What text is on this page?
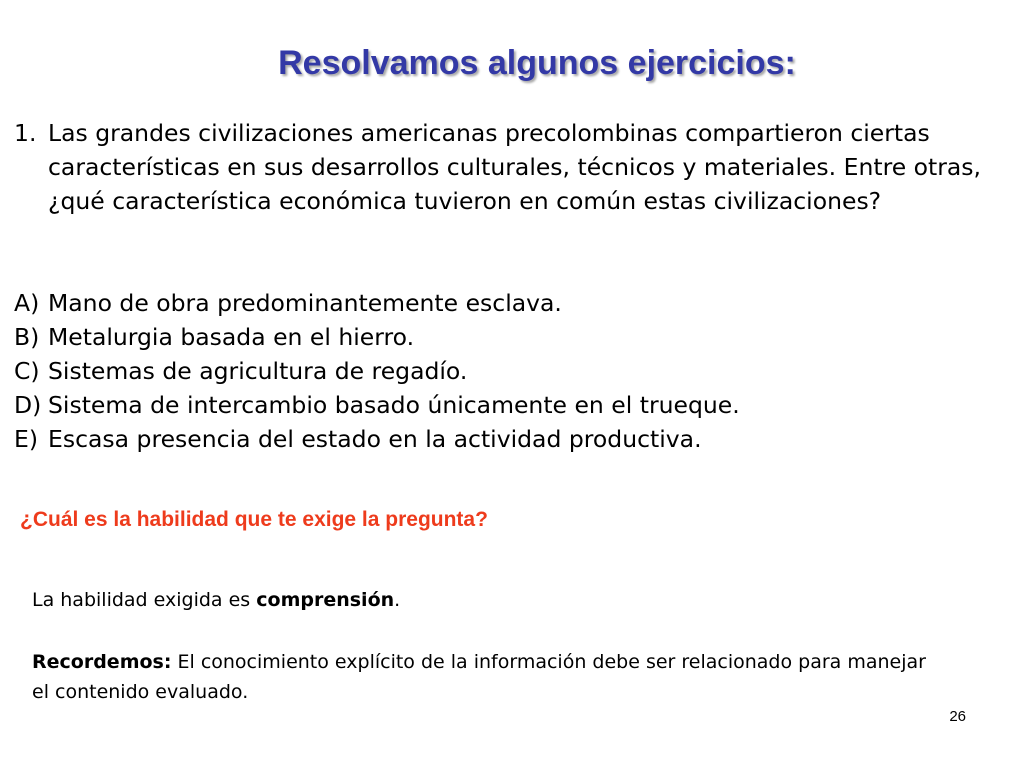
Resolvamos algunos ejercicios:
1. Las grandes civilizaciones americanas precolombinas compartieron ciertas características en sus desarrollos culturales, técnicos y materiales. Entre otras, ¿qué característica económica tuvieron en común estas civilizaciones?
A) Mano de obra predominantemente esclava.
B) Metalurgia basada en el hierro.
C) Sistemas de agricultura de regadío.
D) Sistema de intercambio basado únicamente en el trueque.
E) Escasa presencia del estado en la actividad productiva.
¿Cuál es la habilidad que te exige la pregunta?
La habilidad exigida es comprensión.
Recordemos: El conocimiento explícito de la información debe ser relacionado para manejar el contenido evaluado.
26
